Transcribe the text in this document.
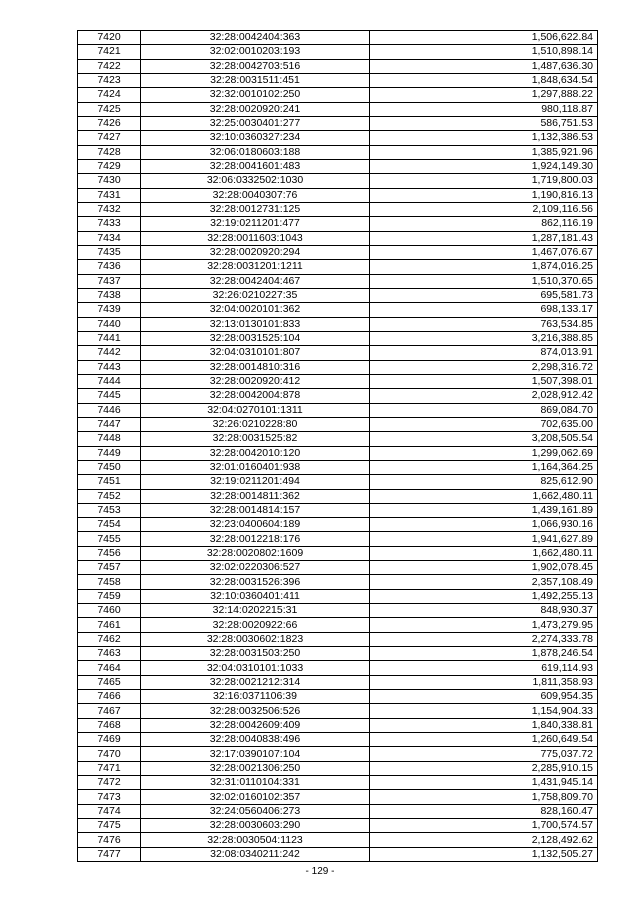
7420	32:28:0042404:363	1,506,622.84
7421	32:02:0010203:193	1,510,898.14
7422	32:28:0042703:516	1,487,636.30
7423	32:28:0031511:451	1,848,634.54
7424	32:32:0010102:250	1,297,888.22
7425	32:28:0020920:241	980,118.87
7426	32:25:0030401:277	586,751.53
7427	32:10:0360327:234	1,132,386.53
7428	32:06:0180603:188	1,385,921.96
7429	32:28:0041601:483	1,924,149.30
7430	32:06:0332502:1030	1,719,800.03
7431	32:28:0040307:76	1,190,816.13
7432	32:28:0012731:125	2,109,116.56
7433	32:19:0211201:477	862,116.19
7434	32:28:0011603:1043	1,287,181.43
7435	32:28:0020920:294	1,467,076.67
7436	32:28:0031201:1211	1,874,016.25
7437	32:28:0042404:467	1,510,370.65
7438	32:26:0210227:35	695,581.73
7439	32:04:0020101:362	698,133.17
7440	32:13:0130101:833	763,534.85
7441	32:28:0031525:104	3,216,388.85
7442	32:04:0310101:807	874,013.91
7443	32:28:0014810:316	2,298,316.72
7444	32:28:0020920:412	1,507,398.01
7445	32:28:0042004:878	2,028,912.42
7446	32:04:0270101:1311	869,084.70
7447	32:26:0210228:80	702,635.00
7448	32:28:0031525:82	3,208,505.54
7449	32:28:0042010:120	1,299,062.69
7450	32:01:0160401:938	1,164,364.25
7451	32:19:0211201:494	825,612.90
7452	32:28:0014811:362	1,662,480.11
7453	32:28:0014814:157	1,439,161.89
7454	32:23:0400604:189	1,066,930.16
7455	32:28:0012218:176	1,941,627.89
7456	32:28:0020802:1609	1,662,480.11
7457	32:02:0220306:527	1,902,078.45
7458	32:28:0031526:396	2,357,108.49
7459	32:10:0360401:411	1,492,255.13
7460	32:14:0202215:31	848,930.37
7461	32:28:0020922:66	1,473,279.95
7462	32:28:0030602:1823	2,274,333.78
7463	32:28:0031503:250	1,878,246.54
7464	32:04:0310101:1033	619,114.93
7465	32:28:0021212:314	1,811,358.93
7466	32:16:0371106:39	609,954.35
7467	32:28:0032506:526	1,154,904.33
7468	32:28:0042609:409	1,840,338.81
7469	32:28:0040838:496	1,260,649.54
7470	32:17:0390107:104	775,037.72
7471	32:28:0021306:250	2,285,910.15
7472	32:31:0110104:331	1,431,945.14
7473	32:02:0160102:357	1,758,809.70
7474	32:24:0560406:273	828,160.47
7475	32:28:0030603:290	1,700,574.57
7476	32:28:0030504:1123	2,128,492.62
7477	32:08:0340211:242	1,132,505.27
- 129 -
